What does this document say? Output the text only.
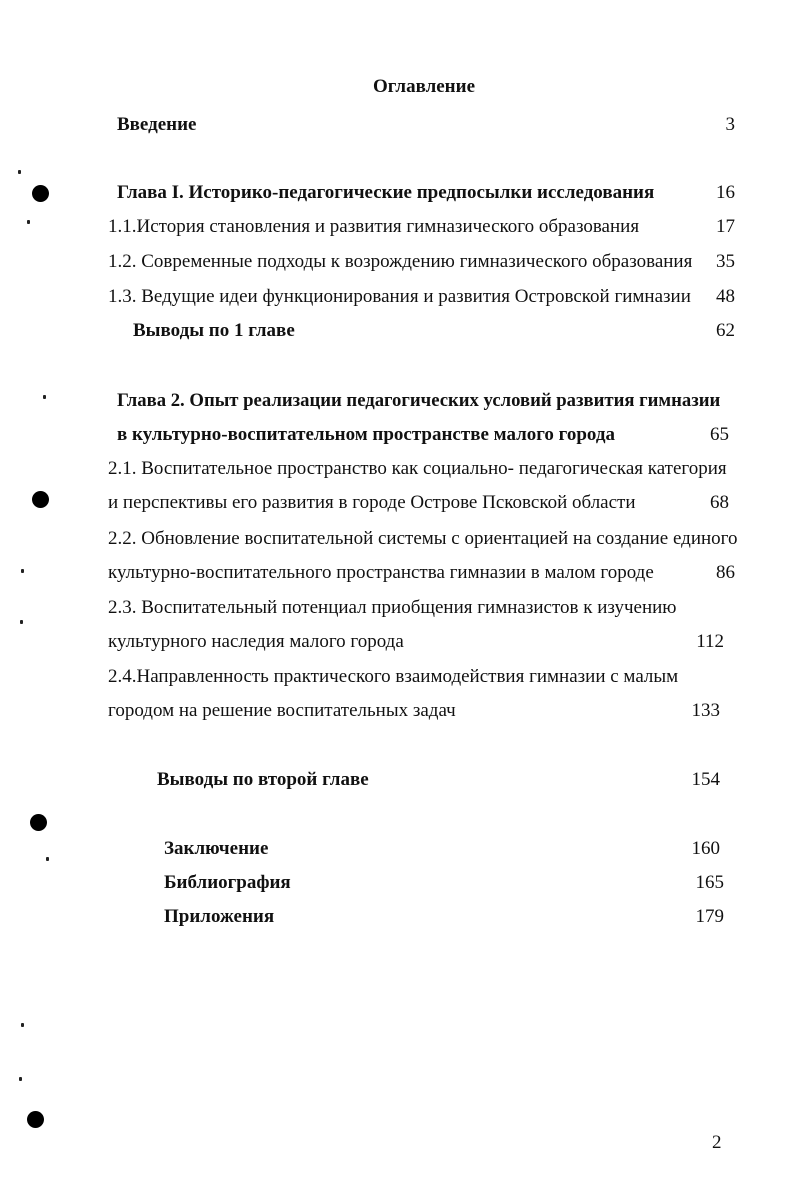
Оглавление
Введение	3
Глава I. Историко-педагогические предпосылки исследования	16
1.1.История становления и развития гимназического образования	17
1.2. Современные подходы к возрождению гимназического образования	35
1.3. Ведущие идеи функционирования и развития Островской гимназии	48
Выводы по 1 главе	62
Глава 2. Опыт реализации педагогических условий развития гимназии
в культурно-воспитательном пространстве малого города	65
2.1. Воспитательное пространство как социально- педагогическая категория
и перспективы его развития в городе Острове Псковской области	68
2.2. Обновление воспитательной системы с ориентацией на создание единого
культурно-воспитательного пространства гимназии в малом городе	86
2.3. Воспитательный потенциал приобщения гимназистов к изучению
культурного наследия малого города	112
2.4.Направленность практического взаимодействия гимназии с малым
городом на решение воспитательных задач	133
Выводы по второй главе	154
Заключение	160
Библиография	165
Приложения	179
2
